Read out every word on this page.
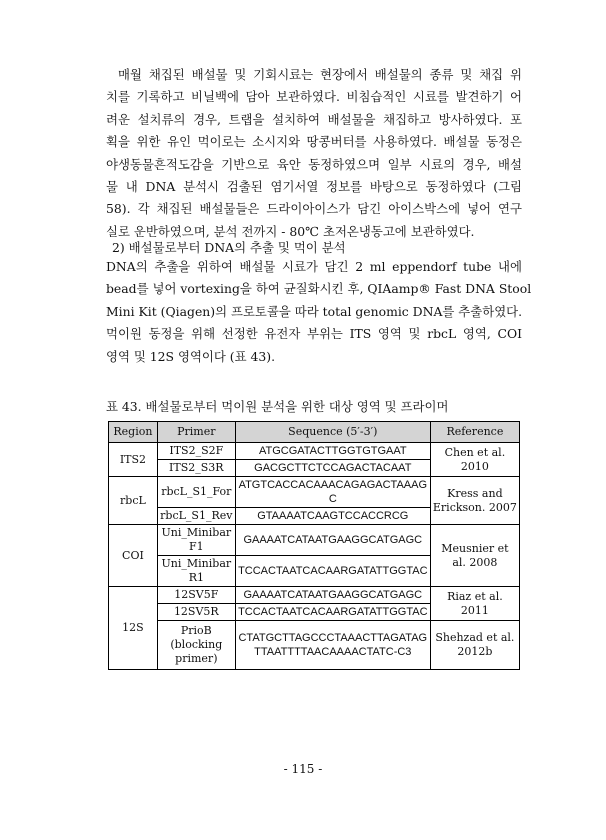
매월 채집된 배설물 및 기회시료는 현장에서 배설물의 종류 및 채집 위
치를 기록하고 비닐백에 담아 보관하였다. 비침습적인 시료를 발견하기 어
려운 설치류의 경우, 트랩을 설치하여 배설물을 채집하고 방사하였다. 포
획을 위한 유인 먹이로는 소시지와 땅콩버터를 사용하였다. 배설물 동정은
야생동물흔적도감을 기반으로 육안 동정하였으며 일부 시료의 경우, 배설
물 내 DNA 분석시 검출된 염기서열 정보를 바탕으로 동정하였다 (그림
58). 각 채집된 배설물들은 드라이아이스가 담긴 아이스박스에 넣어 연구
실로 운반하였으며, 분석 전까지 - 80℃ 초저온냉동고에 보관하였다.

2) 배설물로부터 DNA의 추출 및 먹이 분석

DNA의 추출을 위하여 배설물 시료가 담긴 2 ml eppendorf tube 내에
bead를 넣어 vortexing을 하여 균질화시킨 후, QIAamp® Fast DNA Stool
Mini Kit (Qiagen)의 프로토콜을 따라 total genomic DNA를 추출하였다.
먹이원 동정을 위해 선정한 유전자 부위는 ITS 영역 및 rbcL 영역, COI
영역 및 12S 영역이다 (표 43).

표 43. 배설물로부터 먹이원 분석을 위한 대상 영역 및 프라이머

Region	Primer	Sequence (5′-3′)	Reference
ITS2	ITS2_S2F	ATGCGATACTTGGTGTGAAT	Chen et al. 2010
	ITS2_S3R	GACGCTTCTCCAGACTACAAT	
rbcL	rbcL_S1_For	ATGTCACCACAAACAGAGACTAAAGC	Kress and Erickson. 2007
	rbcL_S1_Rev	GTAAAATCAAGTCCACCRCG	
COI	Uni_Minibar F1	GAAAATCATAATGAAGGCATGAGC	Meusnier et al. 2008
	Uni_Minibar R1	TCCACTAATCACAARGATATTGGTAC	
12S	12SV5F	GAAAATCATAATGAAGGCATGAGC	Riaz et al. 2011
	12SV5R	TCCACTAATCACAARGATATTGGTAC	
	PrioB (blocking primer)	CTATGCTTAGCCCTAAACTTAGATAGTTAATTTTAACAAAACTATC-C3	Shehzad et al. 2012b

- 115 -
